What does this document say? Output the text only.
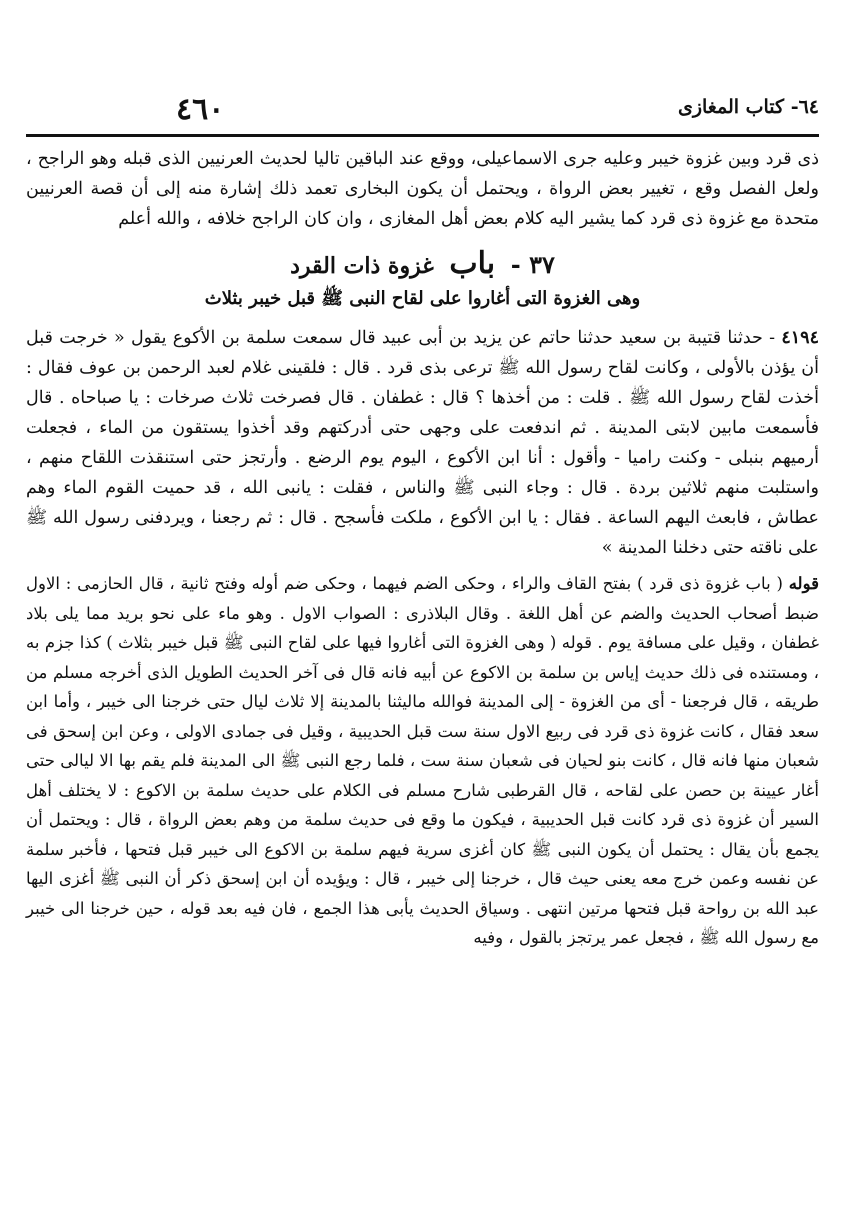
٤٦٠	٦٤- كتاب المغازى

ذى قرد وبين غزوة خيبر وعليه جرى الاسماعيلى، ووقع عند الباقين تاليا لحديث العرنيين الذى قبله وهو الراجح ، ولعل الفصل وقع ، تغيير بعض الرواة ، ويحتمل أن يكون البخارى تعمد ذلك إشارة منه إلى أن قصة العرنيين متحدة مع غزوة ذى قرد كما يشير اليه كلام بعض أهل المغازى ، وان كان الراجح خلافه ، والله أعلم

٣٧ - باب غزوة ذات القرد
وهى الغزوة التى أغاروا على لقاح النبى ﷺ قبل خيبر بثلاث

٤١٩٤ - حدثنا قتيبة بن سعيد حدثنا حاتم عن يزيد بن أبى عبيد قال سمعت سلمة بن الأكوع يقول « خرجت قبل أن يؤذن بالأولى ، وكانت لقاح رسول الله ﷺ ترعى بذى قرد . قال : فلقينى غلام لعبد الرحمن بن عوف فقال : أخذت لقاح رسول الله ﷺ . قلت : من أخذها ؟ قال : غطفان . قال فصرخت ثلاث صرخات : يا صباحاه . قال فأسمعت مابين لابتى المدينة . ثم اندفعت على وجهى حتى أدركتهم وقد أخذوا يستقون من الماء ، فجعلت أرميهم بنبلى - وكنت راميا - وأقول : أنا ابن الأكوع ، اليوم يوم الرضع . وأرتجز حتى استنقذت اللقاح منهم ، واستلبت منهم ثلاثين بردة . قال : وجاء النبى ﷺ والناس ، فقلت : يانبى الله ، قد حميت القوم الماء وهم عطاش ، فابعث اليهم الساعة . فقال : يا ابن الأكوع ، ملكت فأسجح . قال : ثم رجعنا ، ويردفنى رسول الله ﷺ على ناقته حتى دخلنا المدينة »

قوله ( باب غزوة ذى قرد ) بفتح القاف والراء ، وحكى الضم فيهما ، وحكى ضم أوله وفتح ثانية ، قال الحازمى : الاول ضبط أصحاب الحديث والضم عن أهل اللغة . وقال البلاذرى : الصواب الاول . وهو ماء على نحو بريد مما يلى بلاد غطفان ، وقيل على مسافة يوم . قوله ( وهى الغزوة التى أغاروا فيها على لقاح النبى ﷺ قبل خيبر بثلاث ) كذا جزم به ، ومستنده فى ذلك حديث إياس بن سلمة بن الاكوع عن أبيه فانه قال فى آخر الحديث الطويل الذى أخرجه مسلم من طريقه ، قال فرجعنا - أى من الغزوة - إلى المدينة فوالله ماليثنا بالمدينة إلا ثلاث ليال حتى خرجنا الى خيبر ، وأما ابن سعد فقال ، كانت غزوة ذى قرد فى ربيع الاول سنة ست قبل الحديبية ، وقيل فى جمادى الاولى ، وعن ابن إسحق فى شعبان منها فانه قال ، كانت بنو لحيان فى شعبان سنة ست ، فلما رجع النبى ﷺ الى المدينة فلم يقم بها الا ليالى حتى أغار عيينة بن حصن على لقاحه ، قال القرطبى شارح مسلم فى الكلام على حديث سلمة بن الاكوع : لا يختلف أهل السير أن غزوة ذى قرد كانت قبل الحديبية ، فيكون ما وقع فى حديث سلمة من وهم بعض الرواة ، قال : ويحتمل أن يجمع بأن يقال : يحتمل أن يكون النبى ﷺ كان أغزى سرية فيهم سلمة بن الاكوع الى خيبر قبل فتحها ، فأخبر سلمة عن نفسه وعمن خرج معه يعنى حيث قال ، خرجنا إلى خيبر ، قال : ويؤيده أن ابن إسحق ذكر أن النبى ﷺ أغزى اليها عبد الله بن رواحة قبل فتحها مرتين انتهى . وسياق الحديث يأبى هذا الجمع ، فان فيه بعد قوله ، حين خرجنا الى خيبر مع رسول الله ﷺ ، فجعل عمر يرتجز بالقول ، وفيه
